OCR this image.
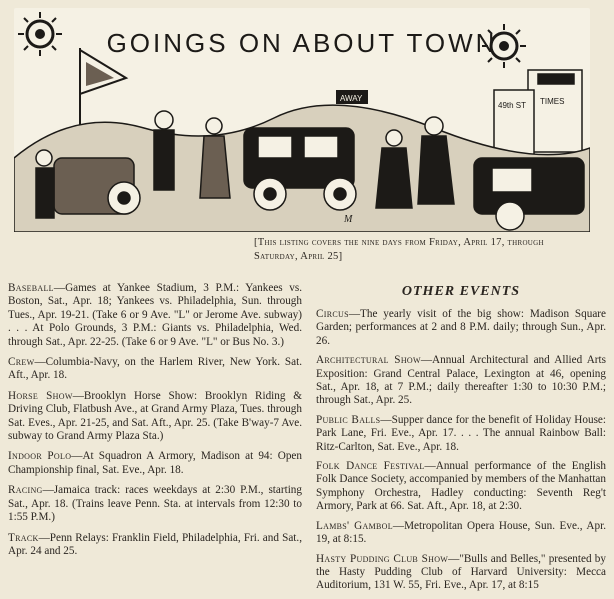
49th ST TIMES
AWAY
M
GOINGS ON ABOUT TOWN
[This listing covers the nine days from Friday, April 17, through Saturday, April 25]

Baseball—Games at Yankee Stadium, 3 P.M.: Yankees vs. Boston, Sat., Apr. 18; Yankees vs. Philadelphia, Sun. through Tues., Apr. 19-21. (Take 6 or 9 Ave. "L" or Jerome Ave. subway) . . . At Polo Grounds, 3 P.M.: Giants vs. Philadelphia, Wed. through Sat., Apr. 22-25. (Take 6 or 9 Ave. "L" or Bus No. 3.)

Crew—Columbia-Navy, on the Harlem River, New York. Sat. Aft., Apr. 18.

Horse Show—Brooklyn Horse Show: Brooklyn Riding & Driving Club, Flatbush Ave., at Grand Army Plaza, Tues. through Sat. Eves., Apr. 21-25, and Sat. Aft., Apr. 25. (Take B'way-7 Ave. subway to Grand Army Plaza Sta.)

Indoor Polo—At Squadron A Armory, Madison at 94: Open Championship final, Sat. Eve., Apr. 18.

Racing—Jamaica track: races weekdays at 2:30 P.M., starting Sat., Apr. 18. (Trains leave Penn. Sta. at intervals from 12:30 to 1:55 P.M.)

Track—Penn Relays: Franklin Field, Philadelphia, Fri. and Sat., Apr. 24 and 25.

OTHER EVENTS

Circus—The yearly visit of the big show: Madison Square Garden; performances at 2 and 8 P.M. daily; through Sun., Apr. 26.

Architectural Show—Annual Architectural and Allied Arts Exposition: Grand Central Palace, Lexington at 46, opening Sat., Apr. 18, at 7 P.M.; daily thereafter 1:30 to 10:30 P.M.; through Sat., Apr. 25.

Public Balls—Supper dance for the benefit of Holiday House: Park Lane, Fri. Eve., Apr. 17. . . . The annual Rainbow Ball: Ritz-Carlton, Sat. Eve., Apr. 18.

Folk Dance Festival—Annual performance of the English Folk Dance Society, accompanied by members of the Manhattan Symphony Orchestra, Hadley conducting: Seventh Reg't Armory, Park at 66. Sat. Aft., Apr. 18, at 2:30.

Lambs' Gambol—Metropolitan Opera House, Sun. Eve., Apr. 19, at 8:15.

Hasty Pudding Club Show—"Bulls and Belles," presented by the Hasty Pudding Club of Harvard University: Mecca Auditorium, 131 W. 55, Fri. Eve., Apr. 17, at 8:15
